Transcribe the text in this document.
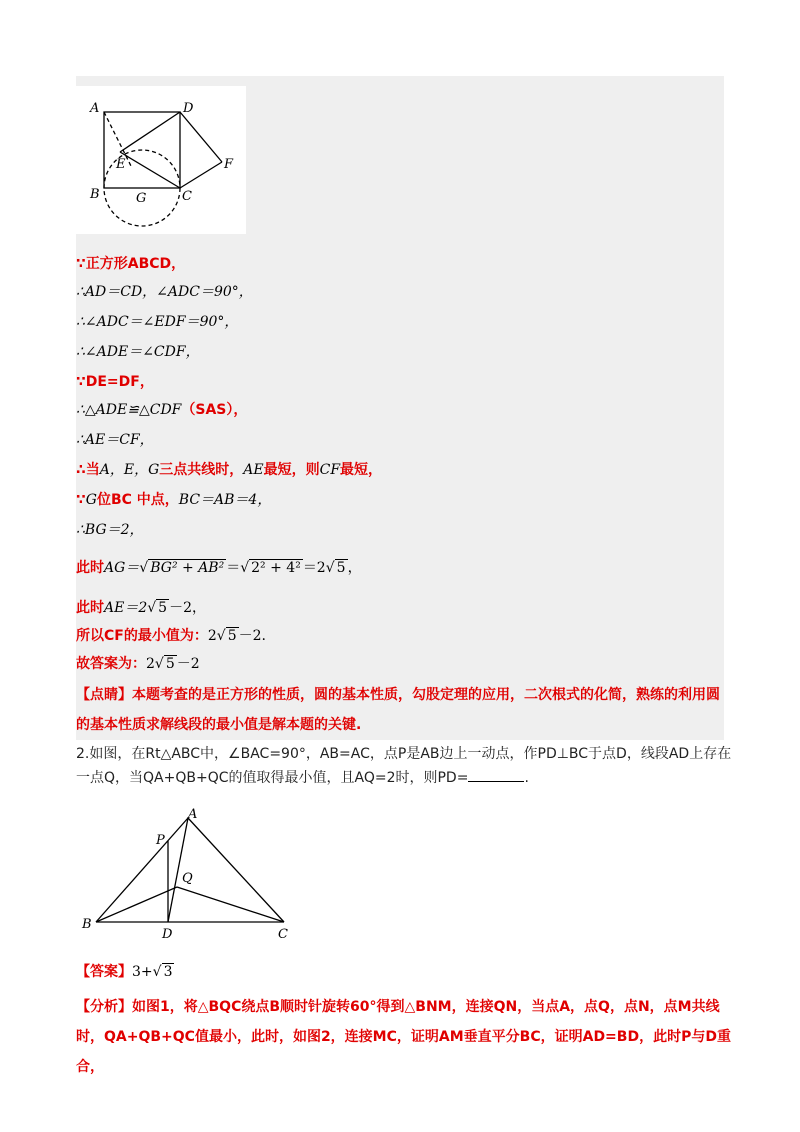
A	D
E	F
B	G	C
∵正方形ABCD，
∴AD＝CD，∠ADC＝90°，
∴∠ADC＝∠EDF＝90°，
∴∠ADE＝∠CDF，
∵DE=DF，
∴△ADE≌△CDF（SAS），
∴AE＝CF，
∴当A，E，G三点共线时，AE最短，则CF最短，
∵G位BC 中点，BC＝AB＝4，
∴BG＝2，
此时AG＝√ BG² + AB² ＝√ 2² + 4² ＝2√ 5 ，
此时AE＝2√ 5 －2，
所以CF的最小值为：2√ 5 －2.
故答案为：2√ 5 －2
【点睛】本题考查的是正方形的性质，圆的基本性质，勾股定理的应用，二次根式的化简，熟练的利用圆的基本性质求解线段的最小值是解本题的关键.
2.如图，在Rt△ABC中，∠BAC=90°，AB=AC，点P是AB边上一动点，作PD⊥BC于点D，线段AD上存在一点Q，当QA+QB+QC的值取得最小值，且AQ=2时，则PD=	.
A
P
Q
B
D	C
【答案】3+√ 3
【分析】如图1，将△BQC绕点B顺时针旋转60°得到△BNM，连接QN，当点A，点Q，点N，点M共线时，QA+QB+QC值最小，此时，如图2，连接MC，证明AM垂直平分BC，证明AD=BD，此时P与D重合，
